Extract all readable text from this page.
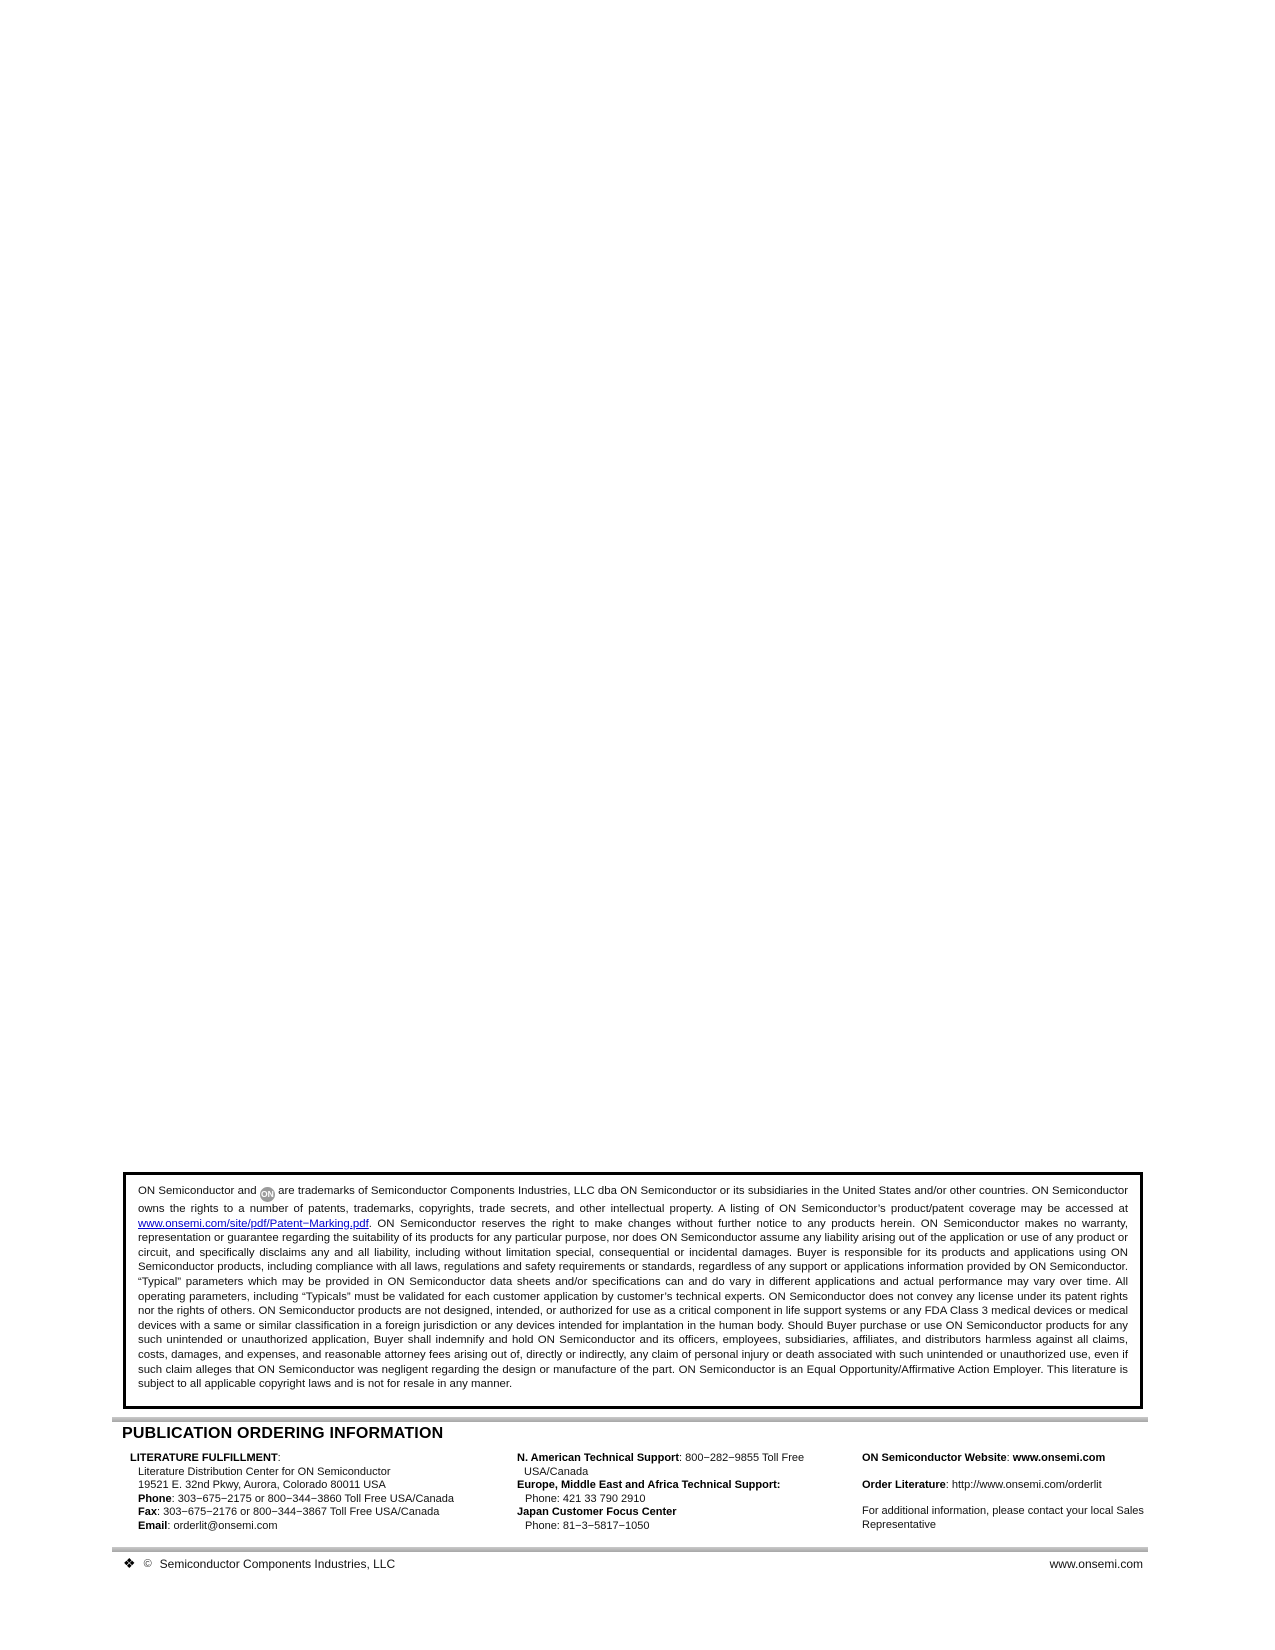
ON Semiconductor and ON are trademarks of Semiconductor Components Industries, LLC dba ON Semiconductor or its subsidiaries in the United States and/or other countries. ON Semiconductor owns the rights to a number of patents, trademarks, copyrights, trade secrets, and other intellectual property. A listing of ON Semiconductor’s product/patent coverage may be accessed at www.onsemi.com/site/pdf/Patent−Marking.pdf. ON Semiconductor reserves the right to make changes without further notice to any products herein. ON Semiconductor makes no warranty, representation or guarantee regarding the suitability of its products for any particular purpose, nor does ON Semiconductor assume any liability arising out of the application or use of any product or circuit, and specifically disclaims any and all liability, including without limitation special, consequential or incidental damages. Buyer is responsible for its products and applications using ON Semiconductor products, including compliance with all laws, regulations and safety requirements or standards, regardless of any support or applications information provided by ON Semiconductor. “Typical” parameters which may be provided in ON Semiconductor data sheets and/or specifications can and do vary in different applications and actual performance may vary over time. All operating parameters, including “Typicals” must be validated for each customer application by customer’s technical experts. ON Semiconductor does not convey any license under its patent rights nor the rights of others. ON Semiconductor products are not designed, intended, or authorized for use as a critical component in life support systems or any FDA Class 3 medical devices or medical devices with a same or similar classification in a foreign jurisdiction or any devices intended for implantation in the human body. Should Buyer purchase or use ON Semiconductor products for any such unintended or unauthorized application, Buyer shall indemnify and hold ON Semiconductor and its officers, employees, subsidiaries, affiliates, and distributors harmless against all claims, costs, damages, and expenses, and reasonable attorney fees arising out of, directly or indirectly, any claim of personal injury or death associated with such unintended or unauthorized use, even if such claim alleges that ON Semiconductor was negligent regarding the design or manufacture of the part. ON Semiconductor is an Equal Opportunity/Affirmative Action Employer. This literature is subject to all applicable copyright laws and is not for resale in any manner.

PUBLICATION ORDERING INFORMATION
LITERATURE FULFILLMENT:
Literature Distribution Center for ON Semiconductor
19521 E. 32nd Pkwy, Aurora, Colorado 80011 USA
Phone: 303−675−2175 or 800−344−3860 Toll Free USA/Canada
Fax: 303−675−2176 or 800−344−3867 Toll Free USA/Canada
Email: orderlit@onsemi.com
N. American Technical Support: 800−282−9855 Toll Free USA/Canada
Europe, Middle East and Africa Technical Support:
Phone: 421 33 790 2910
Japan Customer Focus Center
Phone: 81−3−5817−1050
ON Semiconductor Website: www.onsemi.com
Order Literature: http://www.onsemi.com/orderlit
For additional information, please contact your local Sales Representative
❖ © Semiconductor Components Industries, LLC	www.onsemi.com
